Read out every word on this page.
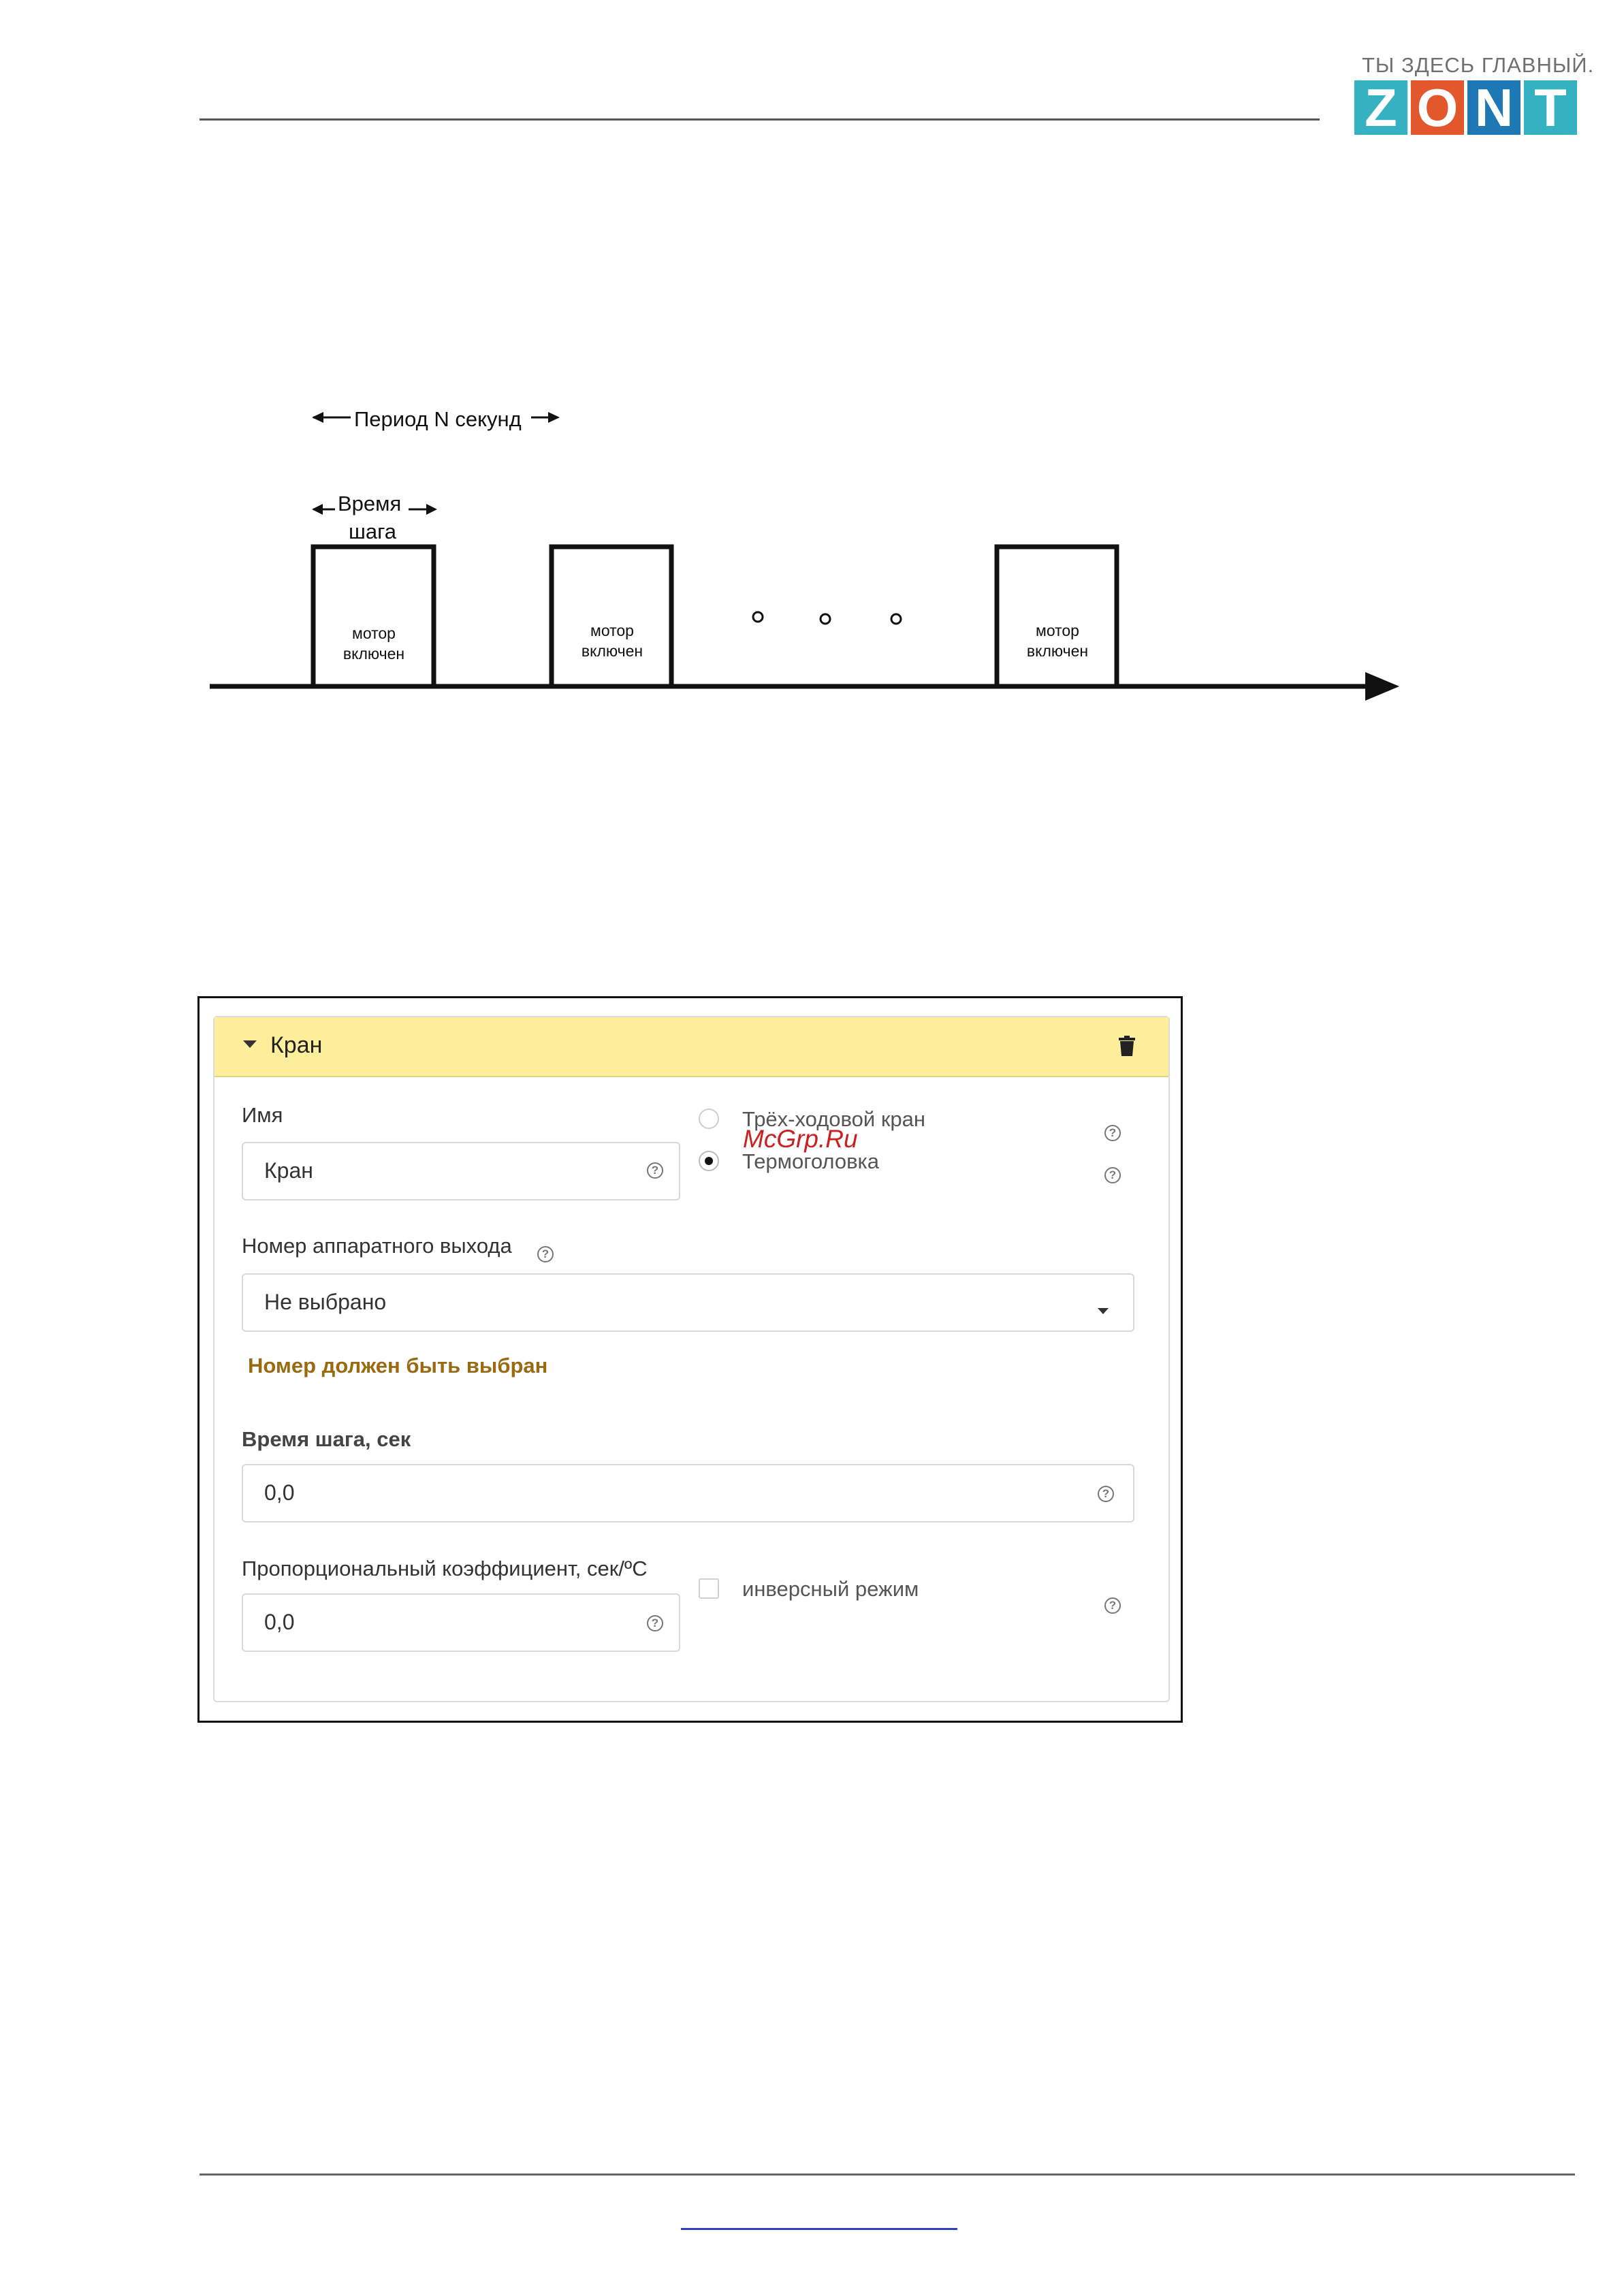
ТЫ ЗДЕСЬ ГЛАВНЫЙ.
Z O N T
Период N секунд
Время
шага
мотор
включен
мотор
включен
мотор
включен
Кран
Имя
Кран	?
Трёх-ходовой кран
?
Термоголовка
?
McGrp.Ru
Номер аппаратного выхода	?
Не выбрано
Номер должен быть выбран
Время шага, сек
0,0	?
Пропорциональный коэффициент, сек/ºС
0,0	?
инверсный режим
?
